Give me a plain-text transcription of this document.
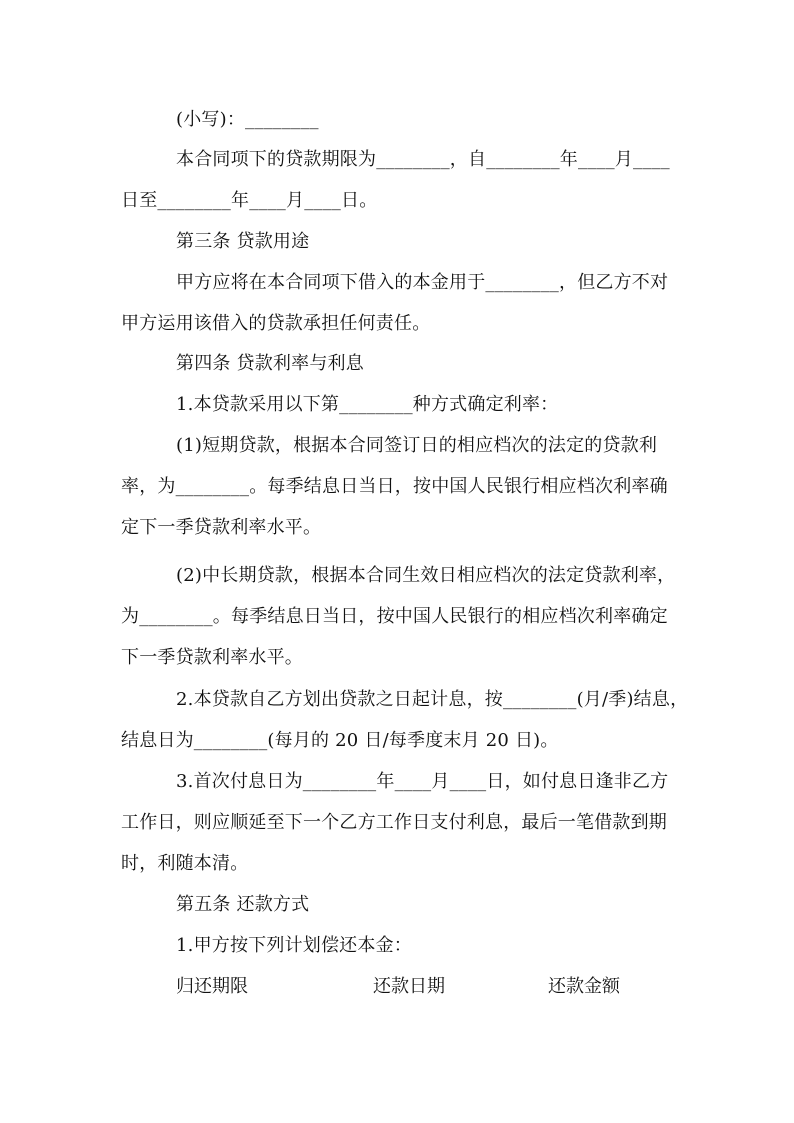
(小写)：________
本合同项下的贷款期限为________，自________年____月____
日至________年____月____日。
第三条 贷款用途
甲方应将在本合同项下借入的本金用于________，但乙方不对
甲方运用该借入的贷款承担任何责任。
第四条 贷款利率与利息
1.本贷款采用以下第________种方式确定利率：
(1)短期贷款，根据本合同签订日的相应档次的法定的贷款利
率，为________。每季结息日当日，按中国人民银行相应档次利率确
定下一季贷款利率水平。
(2)中长期贷款，根据本合同生效日相应档次的法定贷款利率，
为________。每季结息日当日，按中国人民银行的相应档次利率确定
下一季贷款利率水平。
2.本贷款自乙方划出贷款之日起计息，按________(月/季)结息，
结息日为________(每月的 20 日/每季度末月 20 日)。
3.首次付息日为________年____月____日，如付息日逢非乙方
工作日，则应顺延至下一个乙方工作日支付利息，最后一笔借款到期
时，利随本清。
第五条 还款方式
1.甲方按下列计划偿还本金：
归还期限	还款日期	还款金额
